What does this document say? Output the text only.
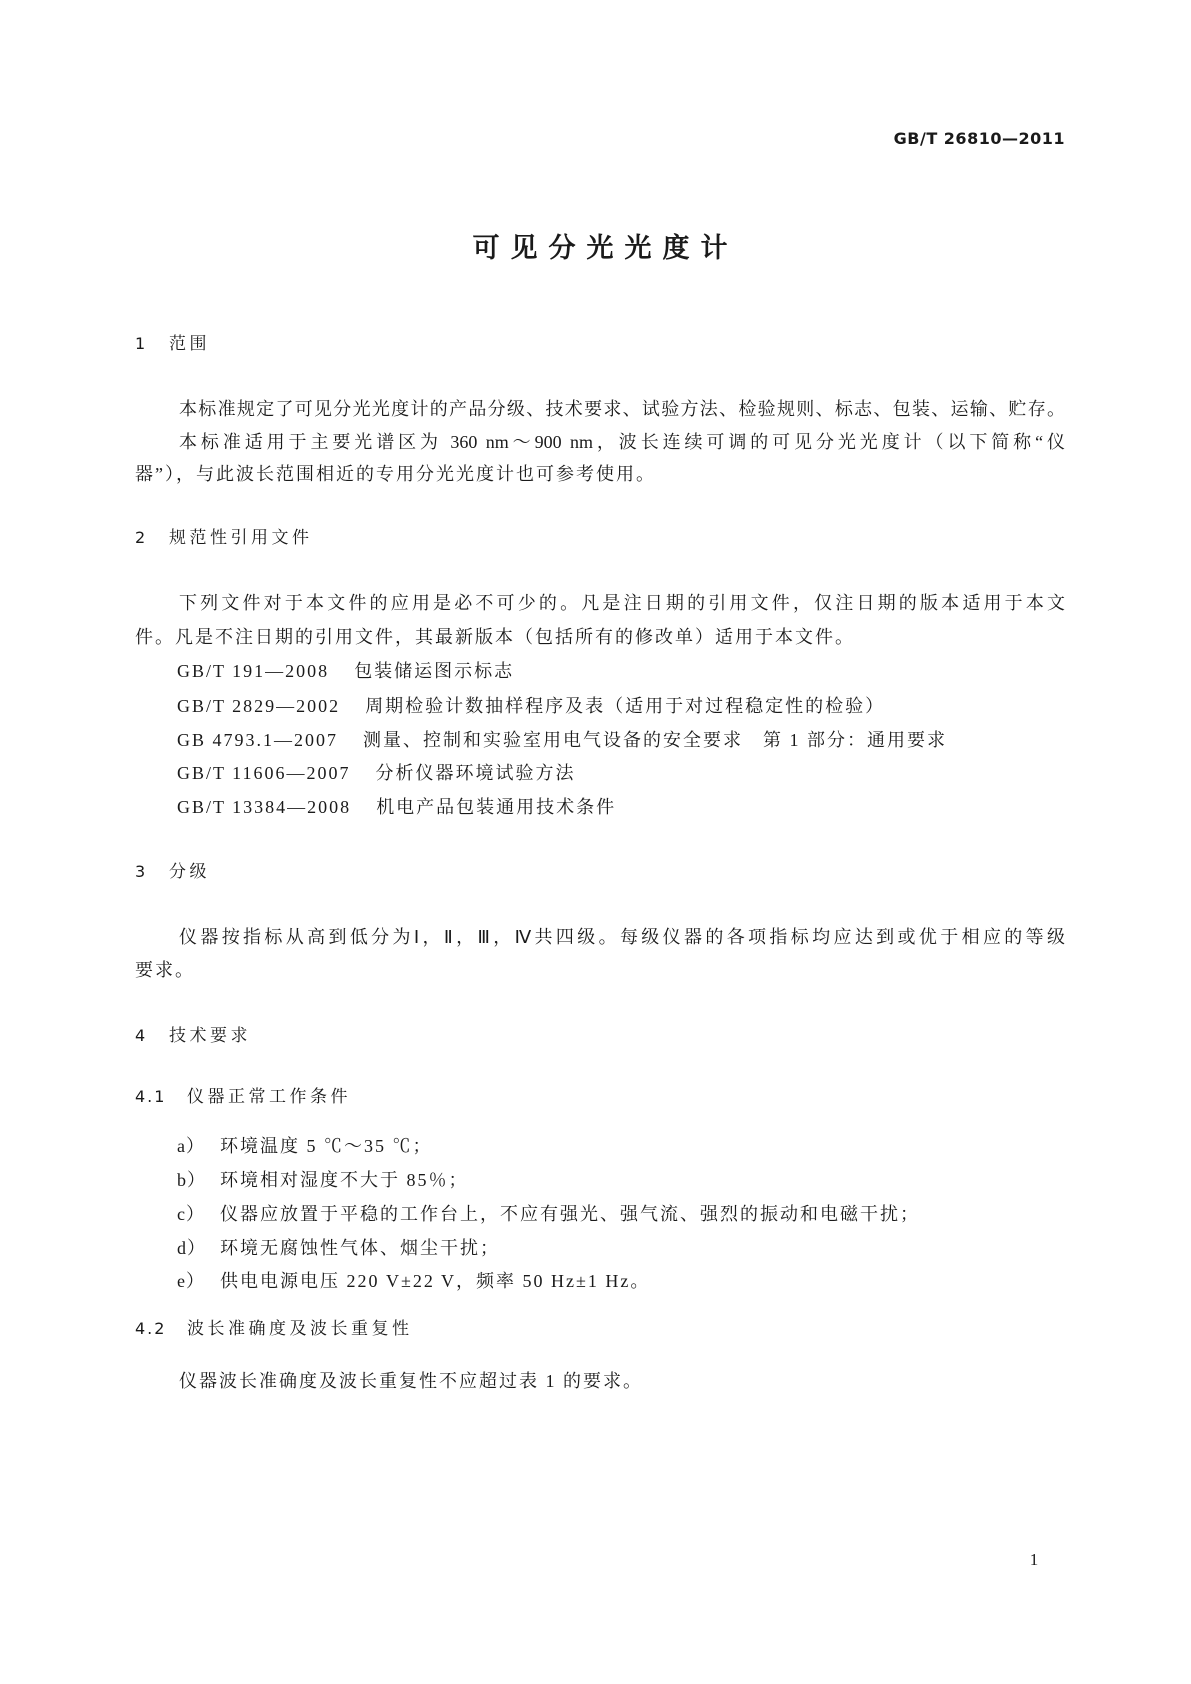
GB/T 26810—2011
可见分光光度计
1	范围
本标准规定了可见分光光度计的产品分级、技术要求、试验方法、检验规则、标志、包装、运输、贮存。
本标准适用于主要光谱区为 360 nm～900 nm，波长连续可调的可见分光光度计（以下简称“仪
器”），与此波长范围相近的专用分光光度计也可参考使用。
2	规范性引用文件
下列文件对于本文件的应用是必不可少的。凡是注日期的引用文件，仅注日期的版本适用于本文
件。凡是不注日期的引用文件，其最新版本（包括所有的修改单）适用于本文件。
GB/T 191—2008 包装储运图示标志
GB/T 2829—2002 周期检验计数抽样程序及表（适用于对过程稳定性的检验）
GB 4793.1—2007 测量、控制和实验室用电气设备的安全要求　第 1 部分：通用要求
GB/T 11606—2007 分析仪器环境试验方法
GB/T 13384—2008 机电产品包装通用技术条件
3	分级
仪器按指标从高到低分为Ⅰ，Ⅱ，Ⅲ，Ⅳ共四级。每级仪器的各项指标均应达到或优于相应的等级
要求。
4	技术要求
4.1	仪器正常工作条件
a） 环境温度 5 ℃～35 ℃；
b） 环境相对湿度不大于 85％；
c） 仪器应放置于平稳的工作台上，不应有强光、强气流、强烈的振动和电磁干扰；
d） 环境无腐蚀性气体、烟尘干扰；
e） 供电电源电压 220 V±22 V，频率 50 Hz±1 Hz。
4.2	波长准确度及波长重复性
仪器波长准确度及波长重复性不应超过表 1 的要求。
1
